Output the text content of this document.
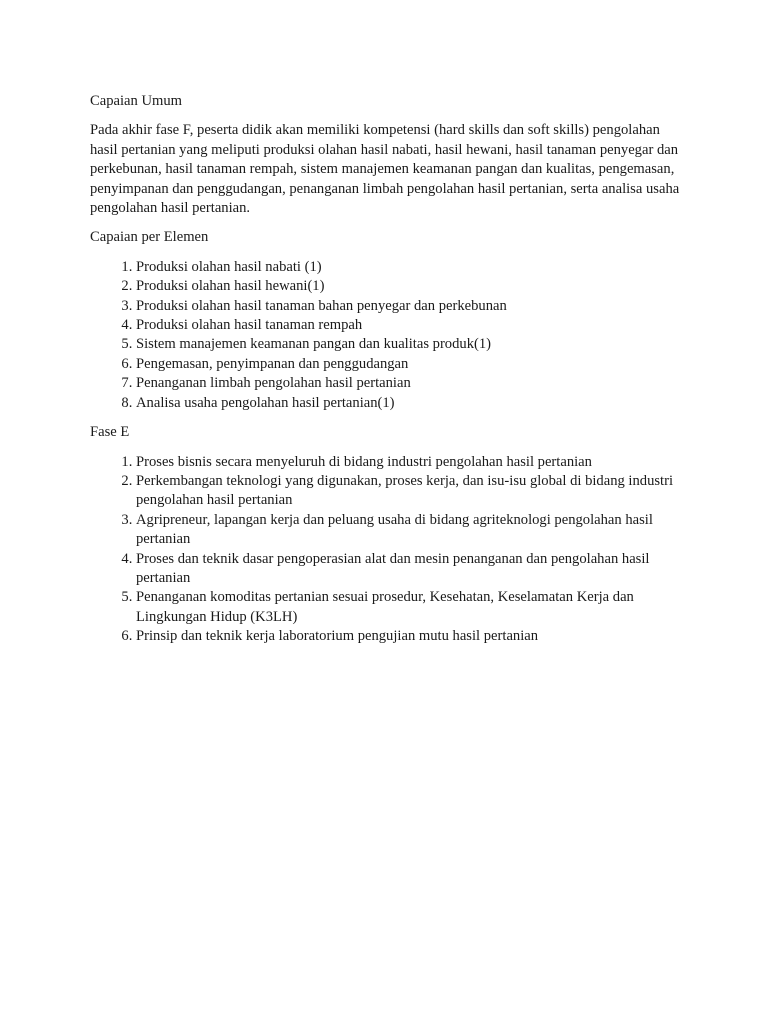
Capaian Umum

Pada akhir fase F, peserta didik akan memiliki kompetensi (hard skills dan soft skills) pengolahan hasil pertanian yang meliputi produksi olahan hasil nabati, hasil hewani, hasil tanaman penyegar dan perkebunan, hasil tanaman rempah, sistem manajemen keamanan pangan dan kualitas, pengemasan, penyimpanan dan penggudangan, penanganan limbah pengolahan hasil pertanian, serta analisa usaha pengolahan hasil pertanian.

Capaian per Elemen

1. Produksi olahan hasil nabati (1)
2. Produksi olahan hasil hewani(1)
3. Produksi olahan hasil tanaman bahan penyegar dan perkebunan
4. Produksi olahan hasil tanaman rempah
5. Sistem manajemen keamanan pangan dan kualitas produk(1)
6. Pengemasan, penyimpanan dan penggudangan
7. Penanganan limbah pengolahan hasil pertanian
8. Analisa usaha pengolahan hasil pertanian(1)

Fase E

1. Proses bisnis secara menyeluruh di bidang industri pengolahan hasil pertanian
2. Perkembangan teknologi yang digunakan, proses kerja, dan isu-isu global di bidang industri pengolahan hasil pertanian
3. Agripreneur, lapangan kerja dan peluang usaha di bidang agriteknologi pengolahan hasil pertanian
4. Proses dan teknik dasar pengoperasian alat dan mesin penanganan dan pengolahan hasil pertanian
5. Penanganan komoditas pertanian sesuai prosedur, Kesehatan, Keselamatan Kerja dan Lingkungan Hidup (K3LH)
6. Prinsip dan teknik kerja laboratorium pengujian mutu hasil pertanian
